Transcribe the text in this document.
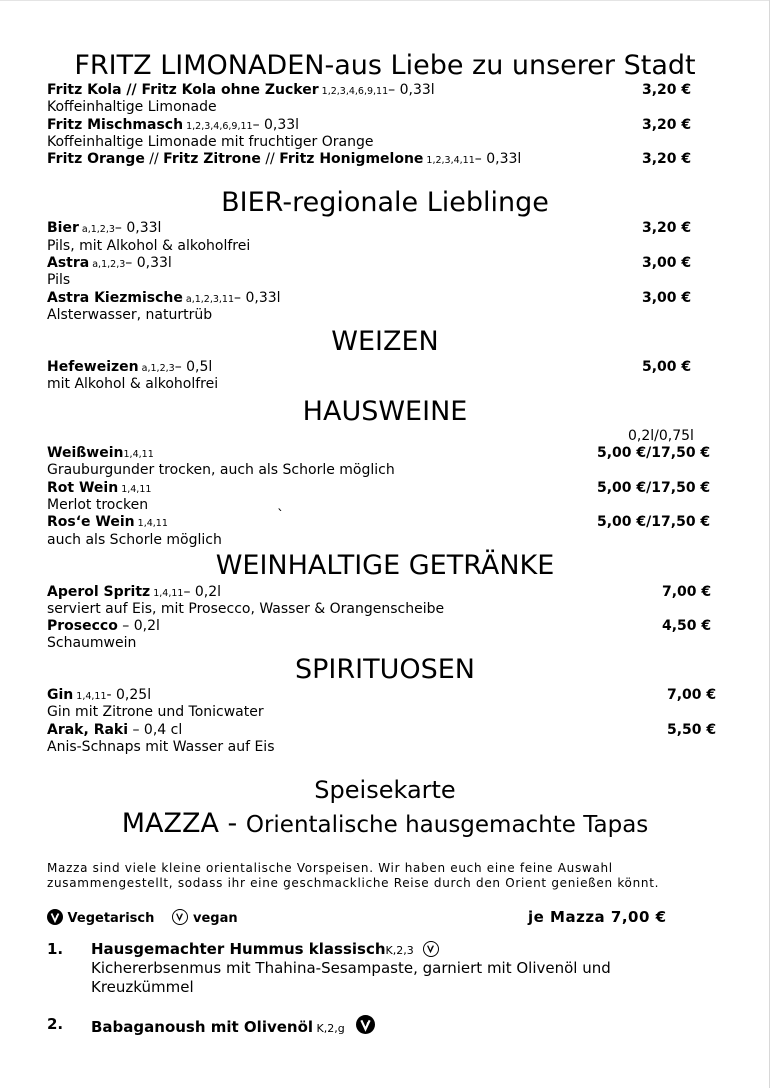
FRITZ LIMONADEN-aus Liebe zu unserer Stadt
Fritz Kola // Fritz Kola ohne Zucker 1,2,3,4,6,9,11– 0,33l
Koffeinhaltige Limonade
3,20 €
Fritz Mischmasch 1,2,3,4,6,9,11– 0,33l
Koffeinhaltige Limonade mit fruchtiger Orange
3,20 €
Fritz Orange // Fritz Zitrone // Fritz Honigmelone 1,2,3,4,11– 0,33l	3,20 €
BIER-regionale Lieblinge
Bier a,1,2,3– 0,33l
Pils, mit Alkohol & alkoholfrei
3,20 €
Astra a,1,2,3– 0,33l
Pils
3,00 €
Astra Kiezmische a,1,2,3,11– 0,33l
Alsterwasser, naturtrüb
3,00 €
WEIZEN
Hefeweizen a,1,2,3– 0,5l
mit Alkohol & alkoholfrei
5,00 €
HAUSWEINE
0,2l/0,75l
Weißwein1,4,11
Grauburgunder trocken, auch als Schorle möglich
5,00 €/17,50 €
Rot Wein 1,4,11
Merlot trocken
5,00 €/17,50 €
`
Ros‘e Wein 1,4,11
auch als Schorle möglich
5,00 €/17,50 €
WEINHALTIGE GETRÄNKE
Aperol Spritz 1,4,11– 0,2l
serviert auf Eis, mit Prosecco, Wasser & Orangenscheibe
7,00 €
Prosecco – 0,2l
Schaumwein
4,50 €
SPIRITUOSEN
Gin 1,4,11- 0,25l
Gin mit Zitrone und Tonicwater
7,00 €
Arak, Raki – 0,4 cl
Anis-Schnaps mit Wasser auf Eis
5,50 €
Speisekarte
MAZZA - Orientalische hausgemachte Tapas
Mazza sind viele kleine orientalische Vorspeisen. Wir haben euch eine feine Auswahl zusammengestellt, sodass ihr eine geschmackliche Reise durch den Orient genießen könnt.
Vegetarisch	vegan	je Mazza 7,00 €
1. Hausgemachter Hummus klassischK,2,3
Kichererbsenmus mit Thahina-Sesampaste, garniert mit Olivenöl und Kreuzkümmel
2. Babaganoush mit Olivenöl K,2,g
